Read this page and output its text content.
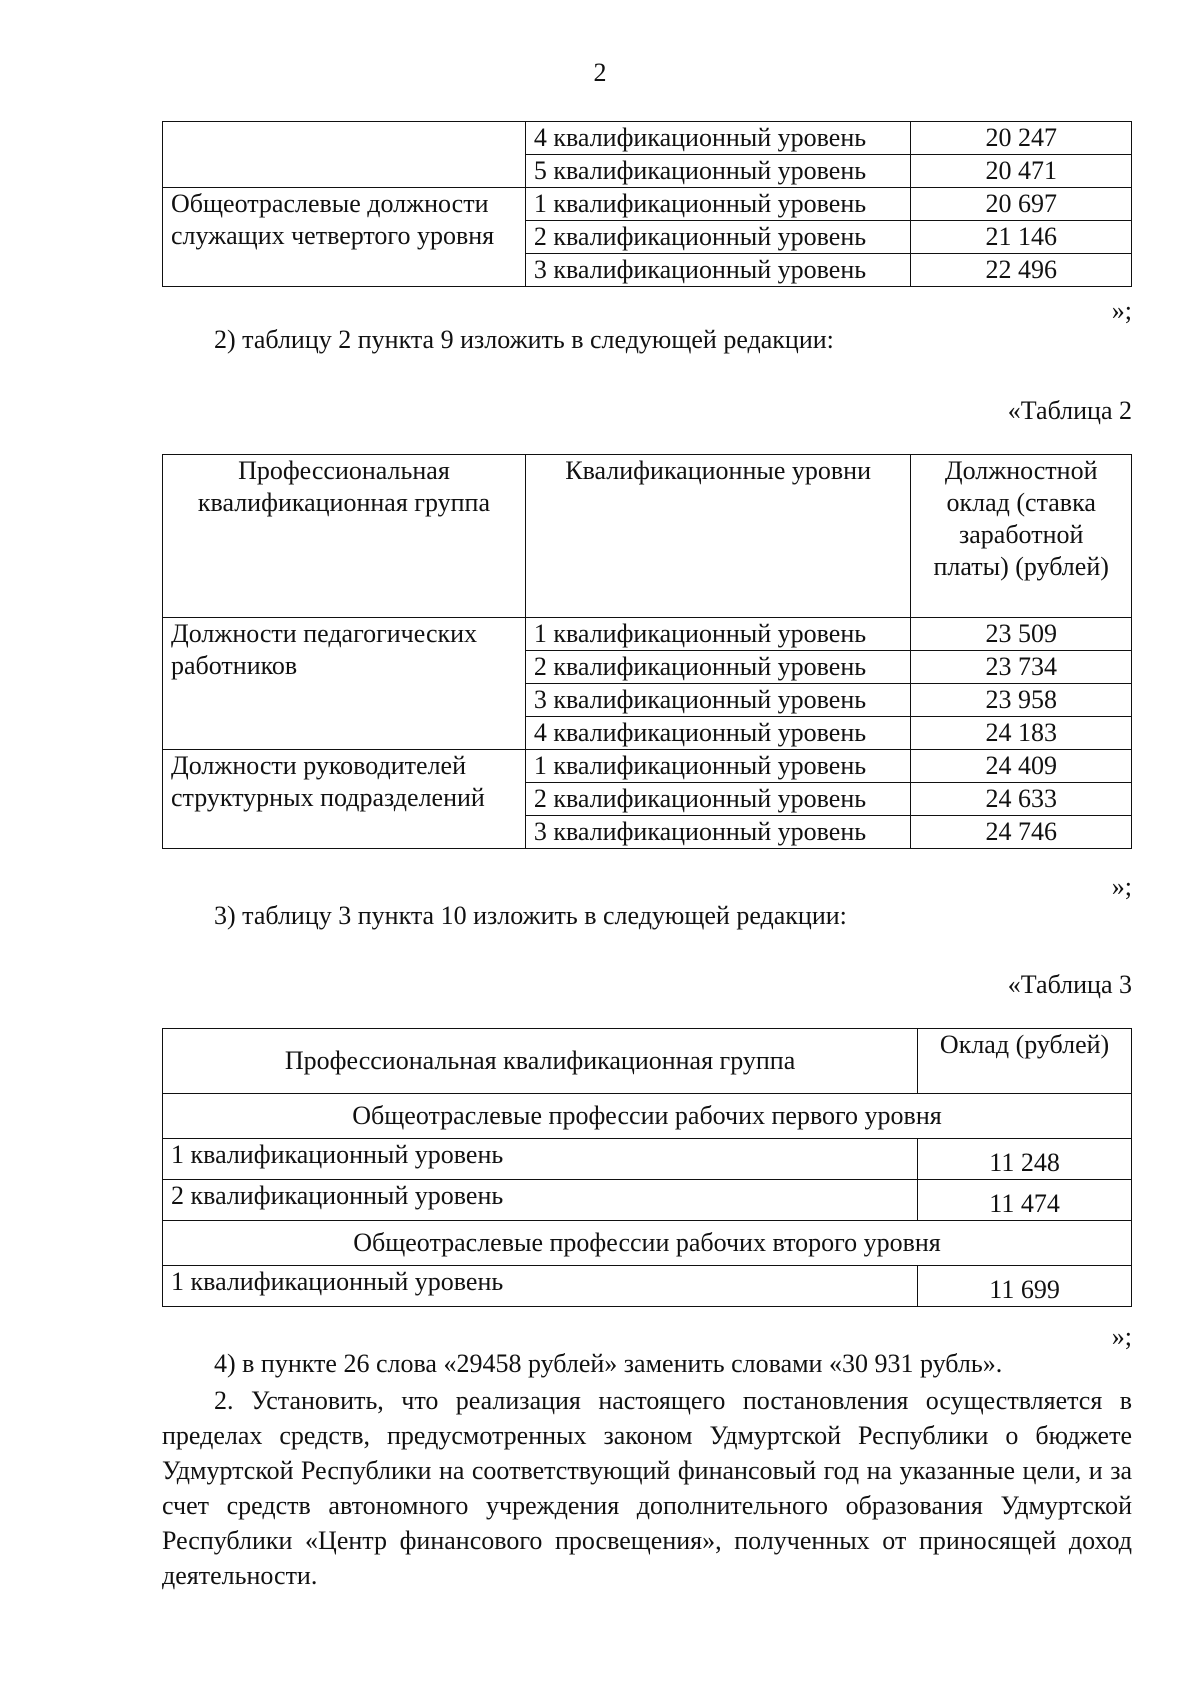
2
	4 квалификационный уровень	20 247
	5 квалификационный уровень	20 471
Общеотраслевые должности служащих четвертого уровня	1 квалификационный уровень	20 697
	2 квалификационный уровень	21 146
	3 квалификационный уровень	22 496
»;
2) таблицу 2 пункта 9 изложить в следующей редакции:
«Таблица 2
Профессиональная квалификационная группа	Квалификационные уровни	Должностной оклад (ставка заработной платы) (рублей)
Должности педагогических работников	1 квалификационный уровень	23 509
	2 квалификационный уровень	23 734
	3 квалификационный уровень	23 958
	4 квалификационный уровень	24 183
Должности руководителей структурных подразделений	1 квалификационный уровень	24 409
	2 квалификационный уровень	24 633
	3 квалификационный уровень	24 746
»;
3) таблицу 3 пункта 10 изложить в следующей редакции:
«Таблица 3
Профессиональная квалификационная группа	Оклад (рублей)
Общеотраслевые профессии рабочих первого уровня	
1 квалификационный уровень	11 248
2 квалификационный уровень	11 474
Общеотраслевые профессии рабочих второго уровня	
1 квалификационный уровень	11 699
»;
4) в пункте 26 слова «29458 рублей» заменить словами «30 931 рубль».
2. Установить, что реализация настоящего постановления осуществляется в пределах средств, предусмотренных законом Удмуртской Республики о бюджете Удмуртской Республики на соответствующий финансовый год на указанные цели, и за счет средств автономного учреждения дополнительного образования Удмуртской Республики «Центр финансового просвещения», полученных от приносящей доход деятельности.
